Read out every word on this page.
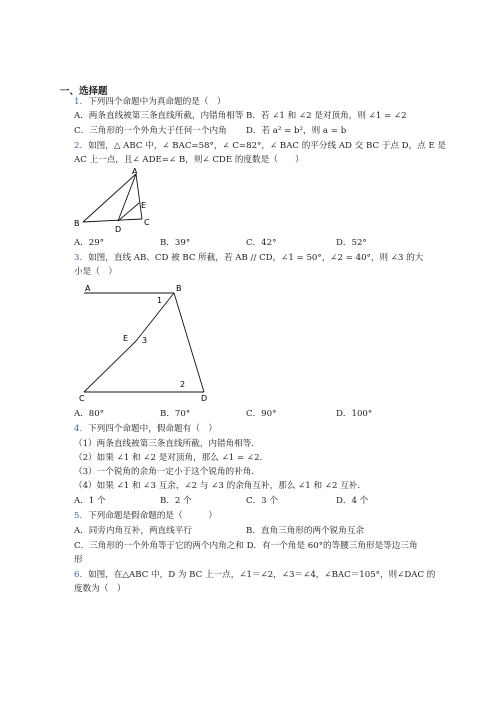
一、选择题
1．下列四个命题中为真命题的是（　）
A．两条直线被第三条直线所截，内错角相等 B．若 ∠1 和 ∠2 是对顶角，则 ∠1 = ∠2
C．三角形的一个外角大于任何一个内角 D．若 a² = b²，则 a = b
2．如图，△ ABC 中，∠ BAC=58°，∠ C=82°，∠ BAC 的平分线 AD 交 BC 于点 D，点 E 是
AC 上一点，且∠ ADE=∠ B，则∠ CDE 的度数是（　　）
A
B	C
D
E
A．29°	B．39°	C．42°	D．52°
3．如图，直线 AB、CD 被 BC 所截，若 AB // CD，∠1 = 50°，∠2 = 40°，则 ∠3 的大
小是（　）
A	B
C	D
E
1
2
3
A．80°	B．70°	C．90°	D．100°
4．下列四个命题中，假命题有（　）
（1）两条直线被第三条直线所截，内错角相等．
（2）如果 ∠1 和 ∠2 是对顶角，那么 ∠1 = ∠2．
（3）一个锐角的余角一定小于这个锐角的补角．
（4）如果 ∠1 和 ∠3 互余，∠2 与 ∠3 的余角互补，那么 ∠1 和 ∠2 互补．
A．1 个	B．2 个	C．3 个	D．4 个
5．下列命题是假命题的是（　　　）
A．同旁内角互补，两直线平行	B．直角三角形的两个锐角互余
C．三角形的一个外角等于它的两个内角之和 D．有一个角是 60°的等腰三角形是等边三角
形
6．如图，在△ABC 中，D 为 BC 上一点，∠1＝∠2，∠3＝∠4，∠BAC＝105°，则∠DAC 的
度数为（　）
